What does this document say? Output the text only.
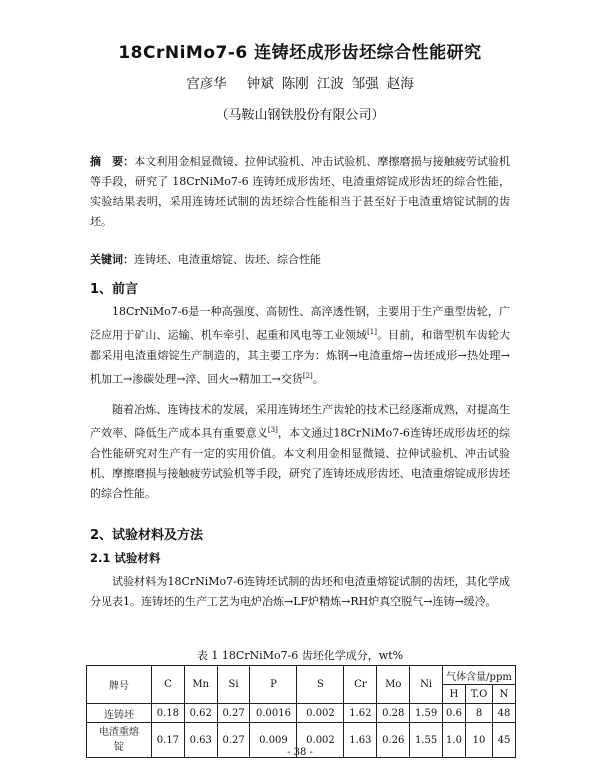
18CrNiMo7-6 连铸坯成形齿坯综合性能研究
宫彦华 钟斌 陈刚 江波 邹强 赵海
（马鞍山钢铁股份有限公司）
摘　要：本文利用金相显微镜、拉伸试验机、冲击试验机、摩擦磨损与接触疲劳试验机等手段，研究了 18CrNiMo7-6 连铸坯成形齿坯、电渣重熔锭成形齿坯的综合性能，实验结果表明，采用连铸坯试制的齿坯综合性能相当于甚至好于电渣重熔锭试制的齿坯。
关键词：连铸坯、电渣重熔锭、齿坯、综合性能
1、前言
18CrNiMo7-6是一种高强度、高韧性、高淬透性钢，主要用于生产重型齿轮，广泛应用于矿山、运输、机车牵引、起重和风电等工业领域[1]。目前，和谐型机车齿轮大都采用电渣重熔锭生产制造的，其主要工序为：炼钢→电渣重熔→齿坯成形→热处理→机加工→渗碳处理→淬、回火→精加工→交货[2]。
随着冶炼、连铸技术的发展，采用连铸坯生产齿轮的技术已经逐渐成熟，对提高生产效率、降低生产成本具有重要意义[3]，本文通过18CrNiMo7-6连铸坯成形齿坯的综合性能研究对生产有一定的实用价值。本文利用金相显微镜、拉伸试验机、冲击试验机、摩擦磨损与接触疲劳试验机等手段，研究了连铸坯成形齿坯、电渣重熔锭成形齿坯的综合性能。
2、试验材料及方法
2.1 试验材料
试验材料为18CrNiMo7-6连铸坯试制的齿坯和电渣重熔锭试制的齿坯，其化学成分见表1。连铸坯的生产工艺为电炉冶炼→LF炉精炼→RH炉真空脱气→连铸→缓冷。
表 1 18CrNiMo7-6 齿坯化学成分，wt%
牌号	C	Mn	Si	P	S	Cr	Mo	Ni	气体含量/ppm		
									H	T.O	N
连铸坯	0.18	0.62	0.27	0.0016	0.002	1.62	0.28	1.59	0.6	8	48
电渣重熔锭	0.17	0.63	0.27	0.009	0.002	1.63	0.26	1.55	1.0	10	45
- 38 -
